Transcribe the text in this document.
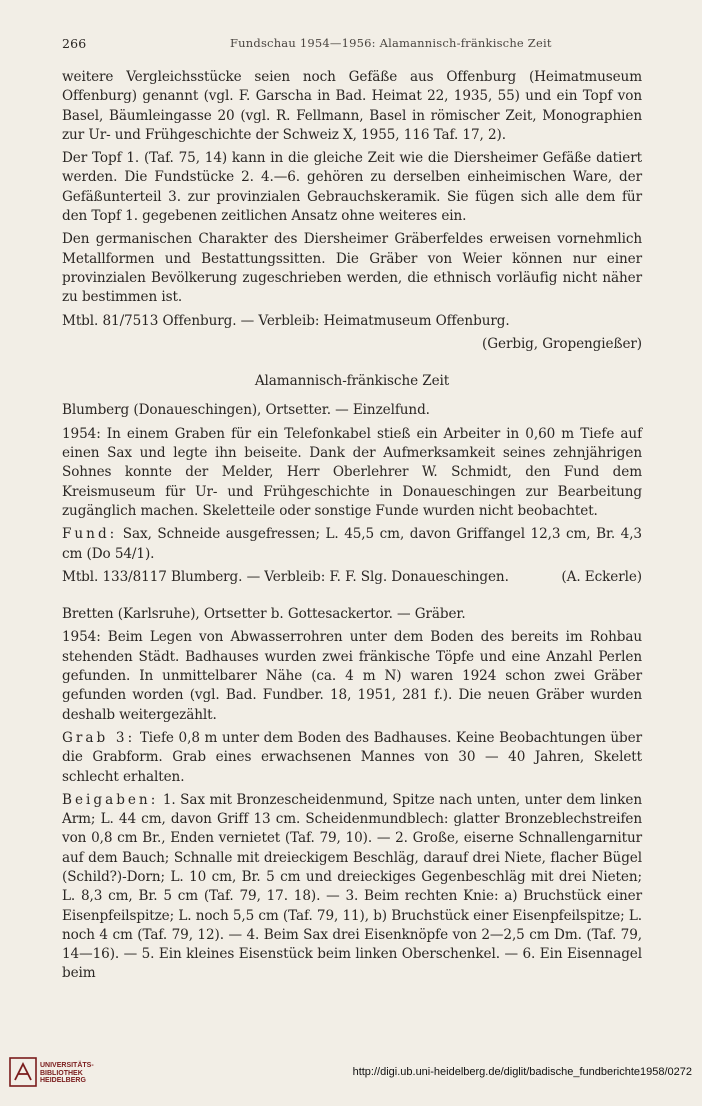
266	Fundschau 1954—1956: Alamannisch-fränkische Zeit

weitere Vergleichsstücke seien noch Gefäße aus Offenburg (Heimatmuseum Offenburg) genannt (vgl. F. Garscha in Bad. Heimat 22, 1935, 55) und ein Topf von Basel, Bäumleingasse 20 (vgl. R. Fellmann, Basel in römischer Zeit, Monographien zur Ur- und Frühgeschichte der Schweiz X, 1955, 116 Taf. 17, 2).

Der Topf 1. (Taf. 75, 14) kann in die gleiche Zeit wie die Diersheimer Gefäße datiert werden. Die Fundstücke 2. 4.—6. gehören zu derselben einheimischen Ware, der Gefäßunterteil 3. zur provinzialen Gebrauchskeramik. Sie fügen sich alle dem für den Topf 1. gegebenen zeitlichen Ansatz ohne weiteres ein.

Den germanischen Charakter des Diersheimer Gräberfeldes erweisen vornehmlich Metallformen und Bestattungssitten. Die Gräber von Weier können nur einer provinzialen Bevölkerung zugeschrieben werden, die ethnisch vorläufig nicht näher zu bestimmen ist.

Mtbl. 81/7513 Offenburg. — Verbleib: Heimatmuseum Offenburg.

(Gerbig, Gropengießer)

Alamannisch-fränkische Zeit

Blumberg (Donaueschingen), Ortsetter. — Einzelfund.

1954: In einem Graben für ein Telefonkabel stieß ein Arbeiter in 0,60 m Tiefe auf einen Sax und legte ihn beiseite. Dank der Aufmerksamkeit seines zehnjährigen Sohnes konnte der Melder, Herr Oberlehrer W. Schmidt, den Fund dem Kreismuseum für Ur- und Frühgeschichte in Donaueschingen zur Bearbeitung zugänglich machen. Skeletteile oder sonstige Funde wurden nicht beobachtet.

Fund: Sax, Schneide ausgefressen; L. 45,5 cm, davon Griffangel 12,3 cm, Br. 4,3 cm (Do 54/1).

Mtbl. 133/8117 Blumberg. — Verbleib: F. F. Slg. Donaueschingen.	(A. Eckerle)

Bretten (Karlsruhe), Ortsetter b. Gottesackertor. — Gräber.

1954: Beim Legen von Abwasserrohren unter dem Boden des bereits im Rohbau stehenden Städt. Badhauses wurden zwei fränkische Töpfe und eine Anzahl Perlen gefunden. In unmittelbarer Nähe (ca. 4 m N) waren 1924 schon zwei Gräber gefunden worden (vgl. Bad. Fundber. 18, 1951, 281 f.). Die neuen Gräber wurden deshalb weitergezählt.

Grab 3: Tiefe 0,8 m unter dem Boden des Badhauses. Keine Beobachtungen über die Grabform. Grab eines erwachsenen Mannes von 30 — 40 Jahren, Skelett schlecht erhalten.

Beigaben: 1. Sax mit Bronzescheidenmund, Spitze nach unten, unter dem linken Arm; L. 44 cm, davon Griff 13 cm. Scheidenmundblech: glatter Bronzeblechstreifen von 0,8 cm Br., Enden vernietet (Taf. 79, 10). — 2. Große, eiserne Schnallengarnitur auf dem Bauch; Schnalle mit dreieckigem Beschläg, darauf drei Niete, flacher Bügel (Schild?)-Dorn; L. 10 cm, Br. 5 cm und dreieckiges Gegenbeschläg mit drei Nieten; L. 8,3 cm, Br. 5 cm (Taf. 79, 17. 18). — 3. Beim rechten Knie: a) Bruchstück einer Eisenpfeilspitze; L. noch 5,5 cm (Taf. 79, 11), b) Bruchstück einer Eisenpfeilspitze; L. noch 4 cm (Taf. 79, 12). — 4. Beim Sax drei Eisenknöpfe von 2—2,5 cm Dm. (Taf. 79, 14—16). — 5. Ein kleines Eisenstück beim linken Oberschenkel. — 6. Ein Eisennagel beim

UNIVERSITÄTS-
BIBLIOTHEK
HEIDELBERG
http://digi.ub.uni-heidelberg.de/diglit/badische_fundberichte1958/0272
